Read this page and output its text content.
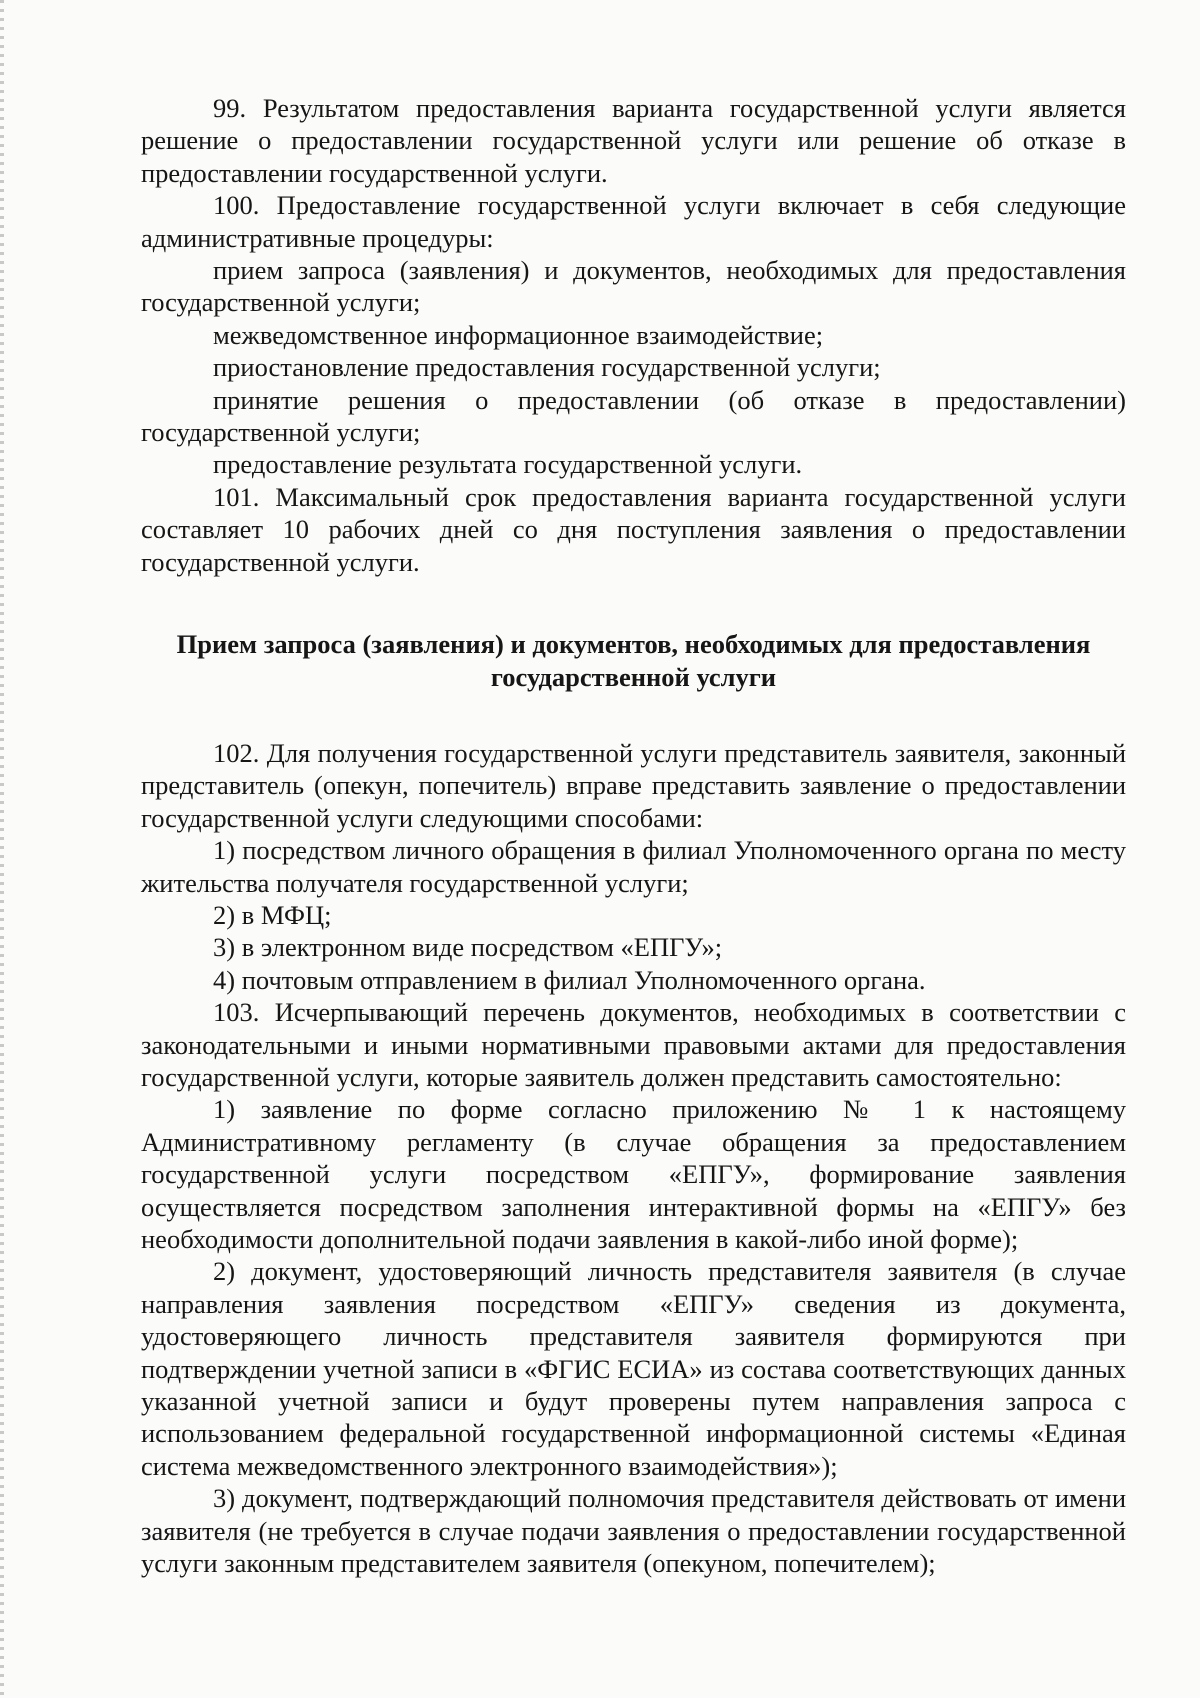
99. Результатом предоставления варианта государственной услуги является решение о предоставлении государственной услуги или решение об отказе в предоставлении государственной услуги.

100. Предоставление государственной услуги включает в себя следующие административные процедуры:

прием запроса (заявления) и документов, необходимых для предоставления государственной услуги;

межведомственное информационное взаимодействие;

приостановление предоставления государственной услуги;

принятие решения о предоставлении (об отказе в предоставлении) государственной услуги;

предоставление результата государственной услуги.

101. Максимальный срок предоставления варианта государственной услуги составляет 10 рабочих дней со дня поступления заявления о предоставлении государственной услуги.

Прием запроса (заявления) и документов, необходимых для предоставления государственной услуги

102. Для получения государственной услуги представитель заявителя, законный представитель (опекун, попечитель) вправе представить заявление о предоставлении государственной услуги следующими способами:

1) посредством личного обращения в филиал Уполномоченного органа по месту жительства получателя государственной услуги;

2) в МФЦ;

3) в электронном виде посредством «ЕПГУ»;

4) почтовым отправлением в филиал Уполномоченного органа.

103. Исчерпывающий перечень документов, необходимых в соответствии с законодательными и иными нормативными правовыми актами для предоставления государственной услуги, которые заявитель должен представить самостоятельно:

1) заявление по форме согласно приложению № 1 к настоящему Административному регламенту (в случае обращения за предоставлением государственной услуги посредством «ЕПГУ», формирование заявления осуществляется посредством заполнения интерактивной формы на «ЕПГУ» без необходимости дополнительной подачи заявления в какой-либо иной форме);

2) документ, удостоверяющий личность представителя заявителя (в случае направления заявления посредством «ЕПГУ» сведения из документа, удостоверяющего личность представителя заявителя формируются при подтверждении учетной записи в «ФГИС ЕСИА» из состава соответствующих данных указанной учетной записи и будут проверены путем направления запроса с использованием федеральной государственной информационной системы «Единая система межведомственного электронного взаимодействия»);

3) документ, подтверждающий полномочия представителя действовать от имени заявителя (не требуется в случае подачи заявления о предоставлении государственной услуги законным представителем заявителя (опекуном, попечителем);
